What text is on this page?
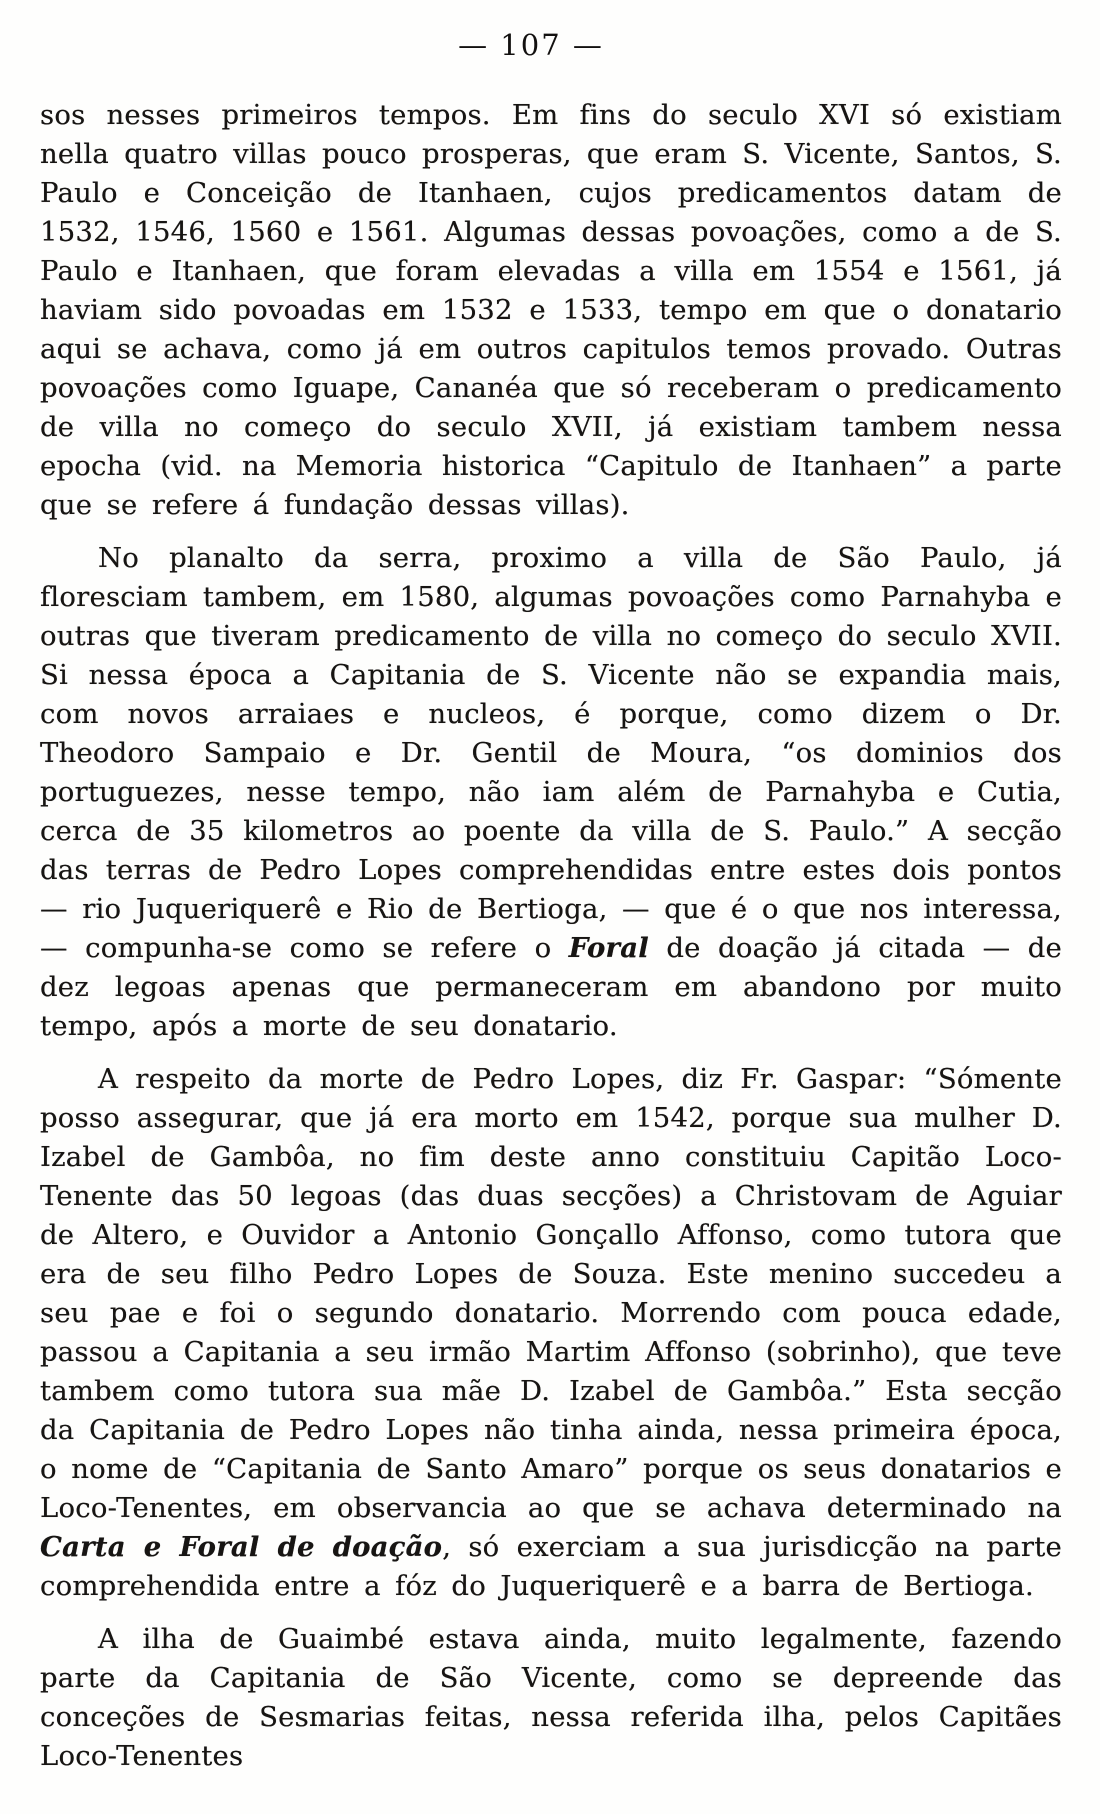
— 107 —

sos nesses primeiros tempos. Em fins do seculo XVI só existiam nella quatro villas pouco prosperas, que eram S. Vicente, Santos, S. Paulo e Conceição de Itanhaen, cujos predicamentos datam de 1532, 1546, 1560 e 1561. Algumas dessas povoações, como a de S. Paulo e Itanhaen, que foram elevadas a villa em 1554 e 1561, já haviam sido povoadas em 1532 e 1533, tempo em que o donatario aqui se achava, como já em outros capitulos temos provado. Outras povoações como Iguape, Cananéa que só receberam o predicamento de villa no começo do seculo XVII, já existiam tambem nessa epocha (vid. na Memoria historica “Capitulo de Itanhaen” a parte que se refere á fundação dessas villas).

No planalto da serra, proximo a villa de São Paulo, já floresciam tambem, em 1580, algumas povoações como Parnahyba e outras que tiveram predicamento de villa no começo do seculo XVII. Si nessa época a Capitania de S. Vicente não se expandia mais, com novos arraiaes e nucleos, é porque, como dizem o Dr. Theodoro Sampaio e Dr. Gentil de Moura, “os dominios dos portuguezes, nesse tempo, não iam além de Parnahyba e Cutia, cerca de 35 kilometros ao poente da villa de S. Paulo.” A secção das terras de Pedro Lopes comprehendidas entre estes dois pontos — rio Juqueriquerê e Rio de Bertioga, — que é o que nos interessa, — compunha-se como se refere o Foral de doação já citada — de dez legoas apenas que permaneceram em abandono por muito tempo, após a morte de seu donatario.

A respeito da morte de Pedro Lopes, diz Fr. Gaspar: “Sómente posso assegurar, que já era morto em 1542, porque sua mulher D. Izabel de Gambôa, no fim deste anno constituiu Capitão Loco-Tenente das 50 legoas (das duas secções) a Christovam de Aguiar de Altero, e Ouvidor a Antonio Gonçallo Affonso, como tutora que era de seu filho Pedro Lopes de Souza. Este menino succedeu a seu pae e foi o segundo donatario. Morrendo com pouca edade, passou a Capitania a seu irmão Martim Affonso (sobrinho), que teve tambem como tutora sua mãe D. Izabel de Gambôa.” Esta secção da Capitania de Pedro Lopes não tinha ainda, nessa primeira época, o nome de “Capitania de Santo Amaro” porque os seus donatarios e Loco-Tenentes, em observancia ao que se achava determinado na Carta e Foral de doação, só exerciam a sua jurisdicção na parte comprehendida entre a fóz do Juqueriquerê e a barra de Bertioga.

A ilha de Guaimbé estava ainda, muito legalmente, fazendo parte da Capitania de São Vicente, como se depreende das conceções de Sesmarias feitas, nessa referida ilha, pelos Capitães Loco-Tenentes
